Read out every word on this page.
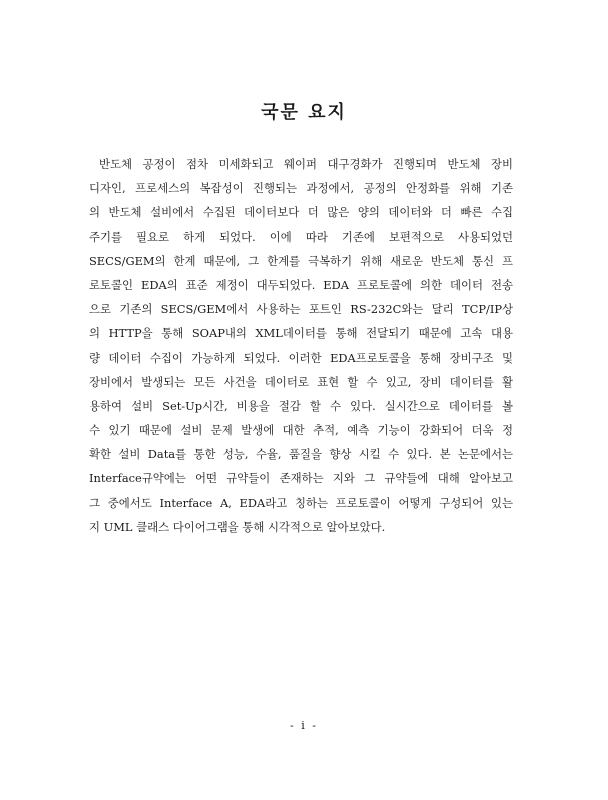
국문 요지
반도체 공정이 점차 미세화되고 웨이퍼 대구경화가 진행되며 반도체 장비
디자인, 프로세스의 복잡성이 진행되는 과정에서, 공정의 안정화를 위해 기존
의 반도체 설비에서 수집된 데이터보다 더 많은 양의 데이터와 더 빠른 수집
주기를 필요로 하게 되었다. 이에 따라 기존에 보편적으로 사용되었던
SECS/GEM의 한계 때문에, 그 한계를 극복하기 위해 새로운 반도체 통신 프
로토콜인 EDA의 표준 제정이 대두되었다. EDA 프로토콜에 의한 데이터 전송
으로 기존의 SECS/GEM에서 사용하는 포트인 RS-232C와는 달리 TCP/IP상
의 HTTP을 통해 SOAP내의 XML데이터를 통해 전달되기 때문에 고속 대용
량 데이터 수집이 가능하게 되었다. 이러한 EDA프로토콜을 통해 장비구조 및
장비에서 발생되는 모든 사건을 데이터로 표현 할 수 있고, 장비 데이터를 활
용하여 설비 Set-Up시간, 비용을 절감 할 수 있다. 실시간으로 데이터를 볼
수 있기 때문에 설비 문제 발생에 대한 추적, 예측 기능이 강화되어 더욱 정
확한 설비 Data를 통한 성능, 수율, 품질을 향상 시킬 수 있다. 본 논문에서는
Interface규약에는 어떤 규약들이 존재하는 지와 그 규약들에 대해 알아보고
그 중에서도 Interface A, EDA라고 칭하는 프로토콜이 어떻게 구성되어 있는
지 UML 클래스 다이어그램을 통해 시각적으로 알아보았다.
- i -
